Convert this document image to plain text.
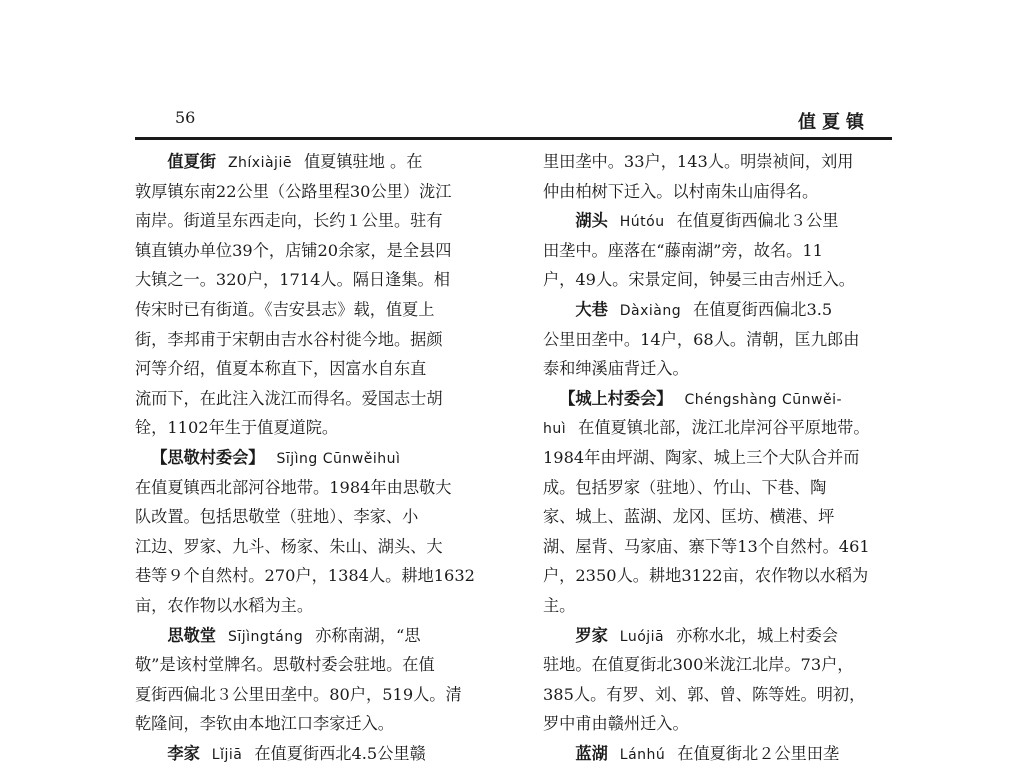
56	值夏镇
值夏街 Zhíxiàjiē 值夏镇驻地 。在
敦厚镇东南22公里（公路里程30公里）泷江
南岸。街道呈东西走向，长约１公里。驻有
镇直镇办单位39个，店铺20余家，是全县四
大镇之一。320户，1714人。隔日逢集。相
传宋时已有街道。《吉安县志》载，值夏上
街，李邦甫于宋朝由吉水谷村徙今地。据颜
河等介绍，值夏本称直下，因富水自东直
流而下，在此注入泷江而得名。爱国志士胡
铨，1102年生于值夏道院。
【思敬村委会】 Sījìng Cūnwěihuì
在值夏镇西北部河谷地带。1984年由思敬大
队改置。包括思敬堂（驻地）、李家、小
江边、罗家、九斗、杨家、朱山、湖头、大
巷等９个自然村。270户，1384人。耕地1632
亩，农作物以水稻为主。
思敬堂 Sījìngtáng 亦称南湖，“思
敬”是该村堂牌名。思敬村委会驻地。在值
夏街西偏北３公里田垄中。80户，519人。清
乾隆间，李钦由本地江口李家迁入。
李家 Lǐjiā 在值夏街西北4.5公里赣
里田垄中。33户，143人。明崇祯间，刘用
仲由柏树下迁入。以村南朱山庙得名。
湖头 Hútóu 在值夏街西偏北３公里
田垄中。座落在“藤南湖”旁，故名。11
户，49人。宋景定间，钟晏三由吉州迁入。
大巷 Dàxiàng 在值夏街西偏北3.5
公里田垄中。14户，68人。清朝，匡九郎由
泰和绅溪庙背迁入。
【城上村委会】 Chéngshàng Cūnwěi-
huì 在值夏镇北部，泷江北岸河谷平原地带。
1984年由坪湖、陶家、城上三个大队合并而
成。包括罗家（驻地）、竹山、下巷、陶
家、城上、蓝湖、龙冈、匡坊、横港、坪
湖、屋背、马家庙、寨下等13个自然村。461
户，2350人。耕地3122亩，农作物以水稻为
主。
罗家 Luójiā 亦称水北，城上村委会
驻地。在值夏街北300米泷江北岸。73户，
385人。有罗、刘、郭、曾、陈等姓。明初，
罗中甫由赣州迁入。
蓝湖 Lánhú 在值夏街北２公里田垄
